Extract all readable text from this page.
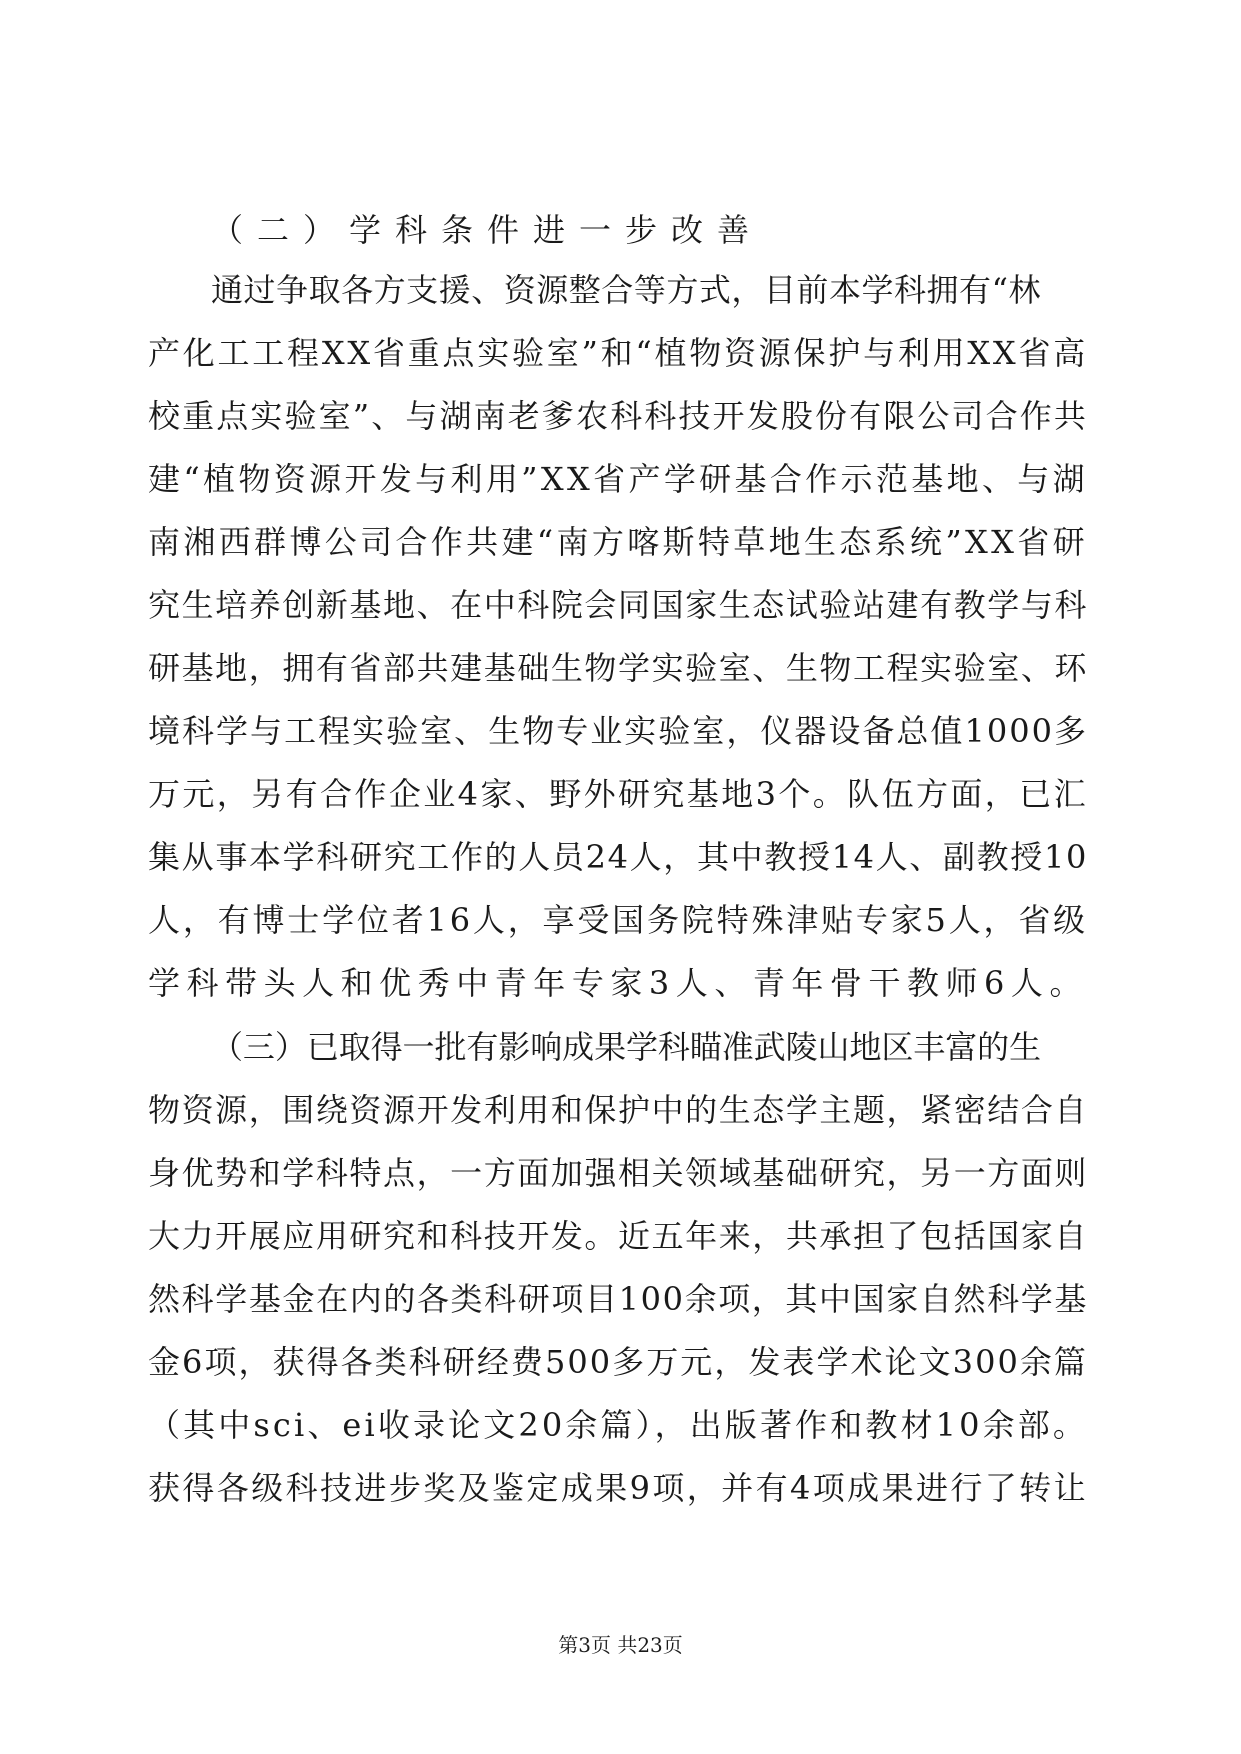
（二）学科条件进一步改善
通过争取各方支援、资源整合等方式，目前本学科拥有“林
产化工工程XX省重点实验室”和“植物资源保护与利用XX省高
校重点实验室”、与湖南老爹农科科技开发股份有限公司合作共
建“植物资源开发与利用”XX省产学研基合作示范基地、与湖
南湘西群博公司合作共建“南方喀斯特草地生态系统”XX省研
究生培养创新基地、在中科院会同国家生态试验站建有教学与科
研基地，拥有省部共建基础生物学实验室、生物工程实验室、环
境科学与工程实验室、生物专业实验室，仪器设备总值1000多
万元，另有合作企业4家、野外研究基地3个。队伍方面，已汇
集从事本学科研究工作的人员24人，其中教授14人、副教授10
人，有博士学位者16人，享受国务院特殊津贴专家5人，省级
学科带头人和优秀中青年专家3人、青年骨干教师6人。
（三）已取得一批有影响成果学科瞄准武陵山地区丰富的生
物资源，围绕资源开发利用和保护中的生态学主题，紧密结合自
身优势和学科特点，一方面加强相关领域基础研究，另一方面则
大力开展应用研究和科技开发。近五年来，共承担了包括国家自
然科学基金在内的各类科研项目100余项，其中国家自然科学基
金6项，获得各类科研经费500多万元，发表学术论文300余篇
（其中sci、ei收录论文20余篇），出版著作和教材10余部。
获得各级科技进步奖及鉴定成果9项，并有4项成果进行了转让
第3页 共23页
